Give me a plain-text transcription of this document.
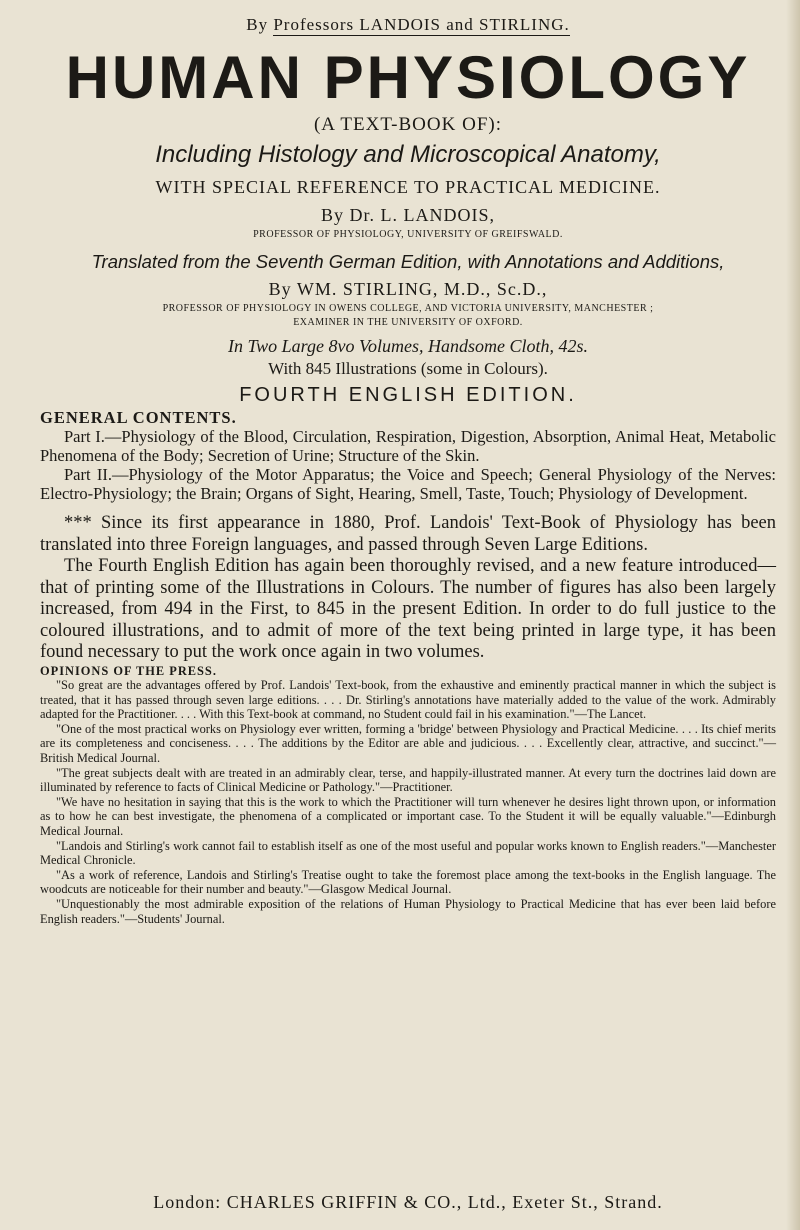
By Professors LANDOIS and STIRLING.

HUMAN PHYSIOLOGY

(A TEXT-BOOK OF):

Including Histology and Microscopical Anatomy,

WITH SPECIAL REFERENCE TO PRACTICAL MEDICINE.

By Dr. L. LANDOIS,

PROFESSOR OF PHYSIOLOGY, UNIVERSITY OF GREIFSWALD.

Translated from the Seventh German Edition, with Annotations and Additions,

By WM. STIRLING, M.D., Sc.D.,

PROFESSOR OF PHYSIOLOGY IN OWENS COLLEGE, AND VICTORIA UNIVERSITY, MANCHESTER ;

EXAMINER IN THE UNIVERSITY OF OXFORD.

In Two Large 8vo Volumes, Handsome Cloth, 42s.

With 845 Illustrations (some in Colours).

FOURTH ENGLISH EDITION.

GENERAL CONTENTS.

Part I.—Physiology of the Blood, Circulation, Respiration, Digestion, Absorption, Animal Heat, Metabolic Phenomena of the Body; Secretion of Urine; Structure of the Skin.

Part II.—Physiology of the Motor Apparatus; the Voice and Speech; General Physiology of the Nerves: Electro-Physiology; the Brain; Organs of Sight, Hearing, Smell, Taste, Touch; Physiology of Development.

*** Since its first appearance in 1880, Prof. Landois' Text-Book of Physiology has been translated into three Foreign languages, and passed through Seven Large Editions.

The Fourth English Edition has again been thoroughly revised, and a new feature introduced—that of printing some of the Illustrations in Colours. The number of figures has also been largely increased, from 494 in the First, to 845 in the present Edition. In order to do full justice to the coloured illustrations, and to admit of more of the text being printed in large type, it has been found necessary to put the work once again in two volumes.

OPINIONS OF THE PRESS.

"So great are the advantages offered by Prof. Landois' Text-book, from the exhaustive and eminently practical manner in which the subject is treated, that it has passed through seven large editions. . . . Dr. Stirling's annotations have materially added to the value of the work. Admirably adapted for the Practitioner. . . . With this Text-book at command, no Student could fail in his examination."—The Lancet.

"One of the most practical works on Physiology ever written, forming a 'bridge' between Physiology and Practical Medicine. . . . Its chief merits are its completeness and conciseness. . . . The additions by the Editor are able and judicious. . . . Excellently clear, attractive, and succinct."—British Medical Journal.

"The great subjects dealt with are treated in an admirably clear, terse, and happily-illustrated manner. At every turn the doctrines laid down are illuminated by reference to facts of Clinical Medicine or Pathology."—Practitioner.

"We have no hesitation in saying that this is the work to which the Practitioner will turn whenever he desires light thrown upon, or information as to how he can best investigate, the phenomena of a complicated or important case. To the Student it will be equally valuable."—Edinburgh Medical Journal.

"Landois and Stirling's work cannot fail to establish itself as one of the most useful and popular works known to English readers."—Manchester Medical Chronicle.

"As a work of reference, Landois and Stirling's Treatise ought to take the foremost place among the text-books in the English language. The woodcuts are noticeable for their number and beauty."—Glasgow Medical Journal.

"Unquestionably the most admirable exposition of the relations of Human Physiology to Practical Medicine that has ever been laid before English readers."—Students' Journal.

London: CHARLES GRIFFIN & CO., Ltd., Exeter St., Strand.
